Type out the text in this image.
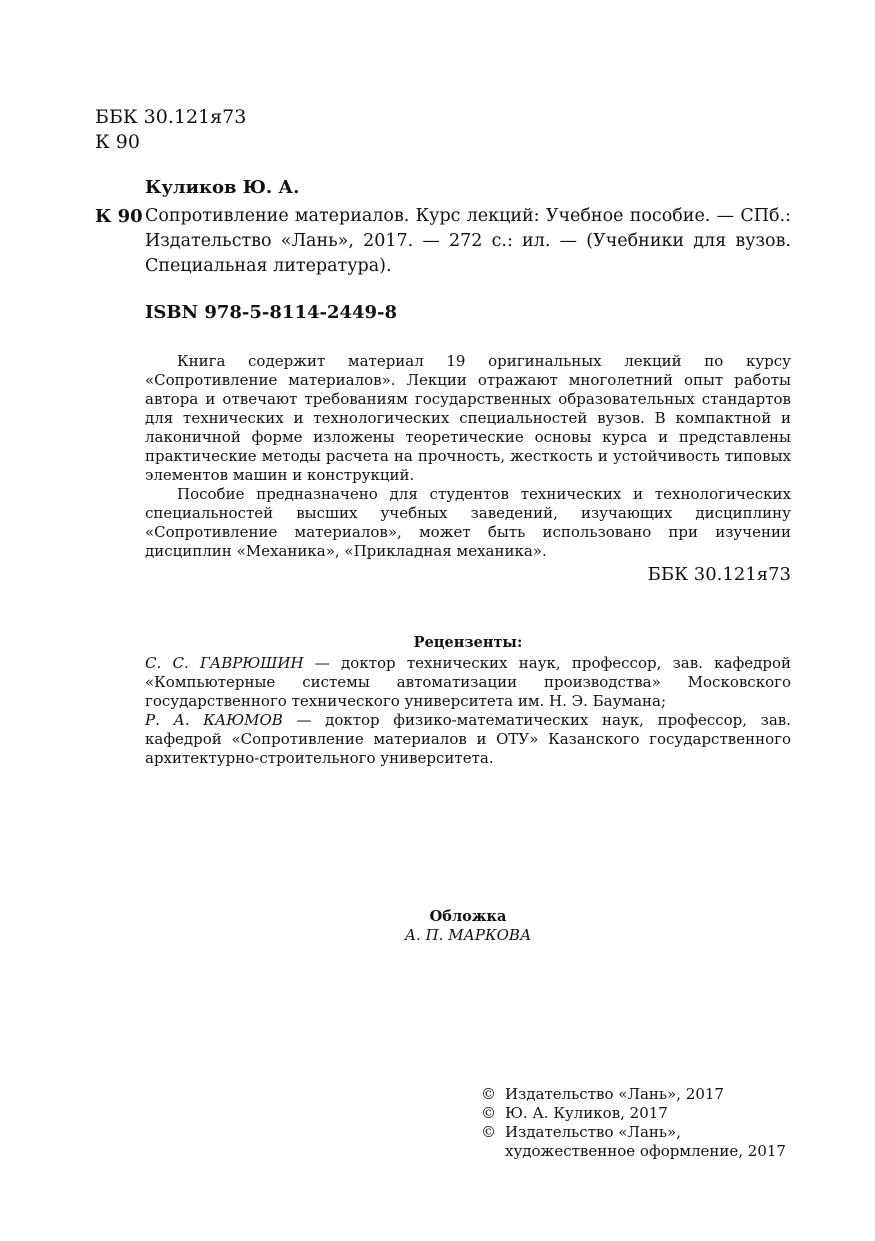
ББК 30.121я73
К 90
Куликов Ю. А.
К 90 Сопротивление материалов. Курс лекций: Учебное пособие. — СПб.: Издательство «Лань», 2017. — 272 с.: ил. — (Учебники для вузов. Специальная литература).
ISBN 978-5-8114-2449-8

Книга содержит материал 19 оригинальных лекций по курсу «Сопротивление материалов». Лекции отражают многолетний опыт работы автора и отвечают требованиям государственных образовательных стандартов для технических и технологических специальностей вузов. В компактной и лаконичной форме изложены теоретические основы курса и представлены практические методы расчета на прочность, жесткость и устойчивость типовых элементов машин и конструкций.

Пособие предназначено для студентов технических и технологических специальностей высших учебных заведений, изучающих дисциплину «Сопротивление материалов», может быть использовано при изучении дисциплин «Механика», «Прикладная механика».

ББК 30.121я73
Рецензенты:

С. С. ГАВРЮШИН — доктор технических наук, профессор, зав. кафедрой «Компьютерные системы автоматизации производства» Московского государственного технического университета им. Н. Э. Баумана;

Р. А. КАЮМОВ — доктор физико-математических наук, профессор, зав. кафедрой «Сопротивление материалов и ОТУ» Казанского государственного архитектурно-строительного университета.

Обложка
А. П. МАРКОВА
© Издательство «Лань», 2017
© Ю. А. Куликов, 2017
© Издательство «Лань»,
художественное оформление, 2017
